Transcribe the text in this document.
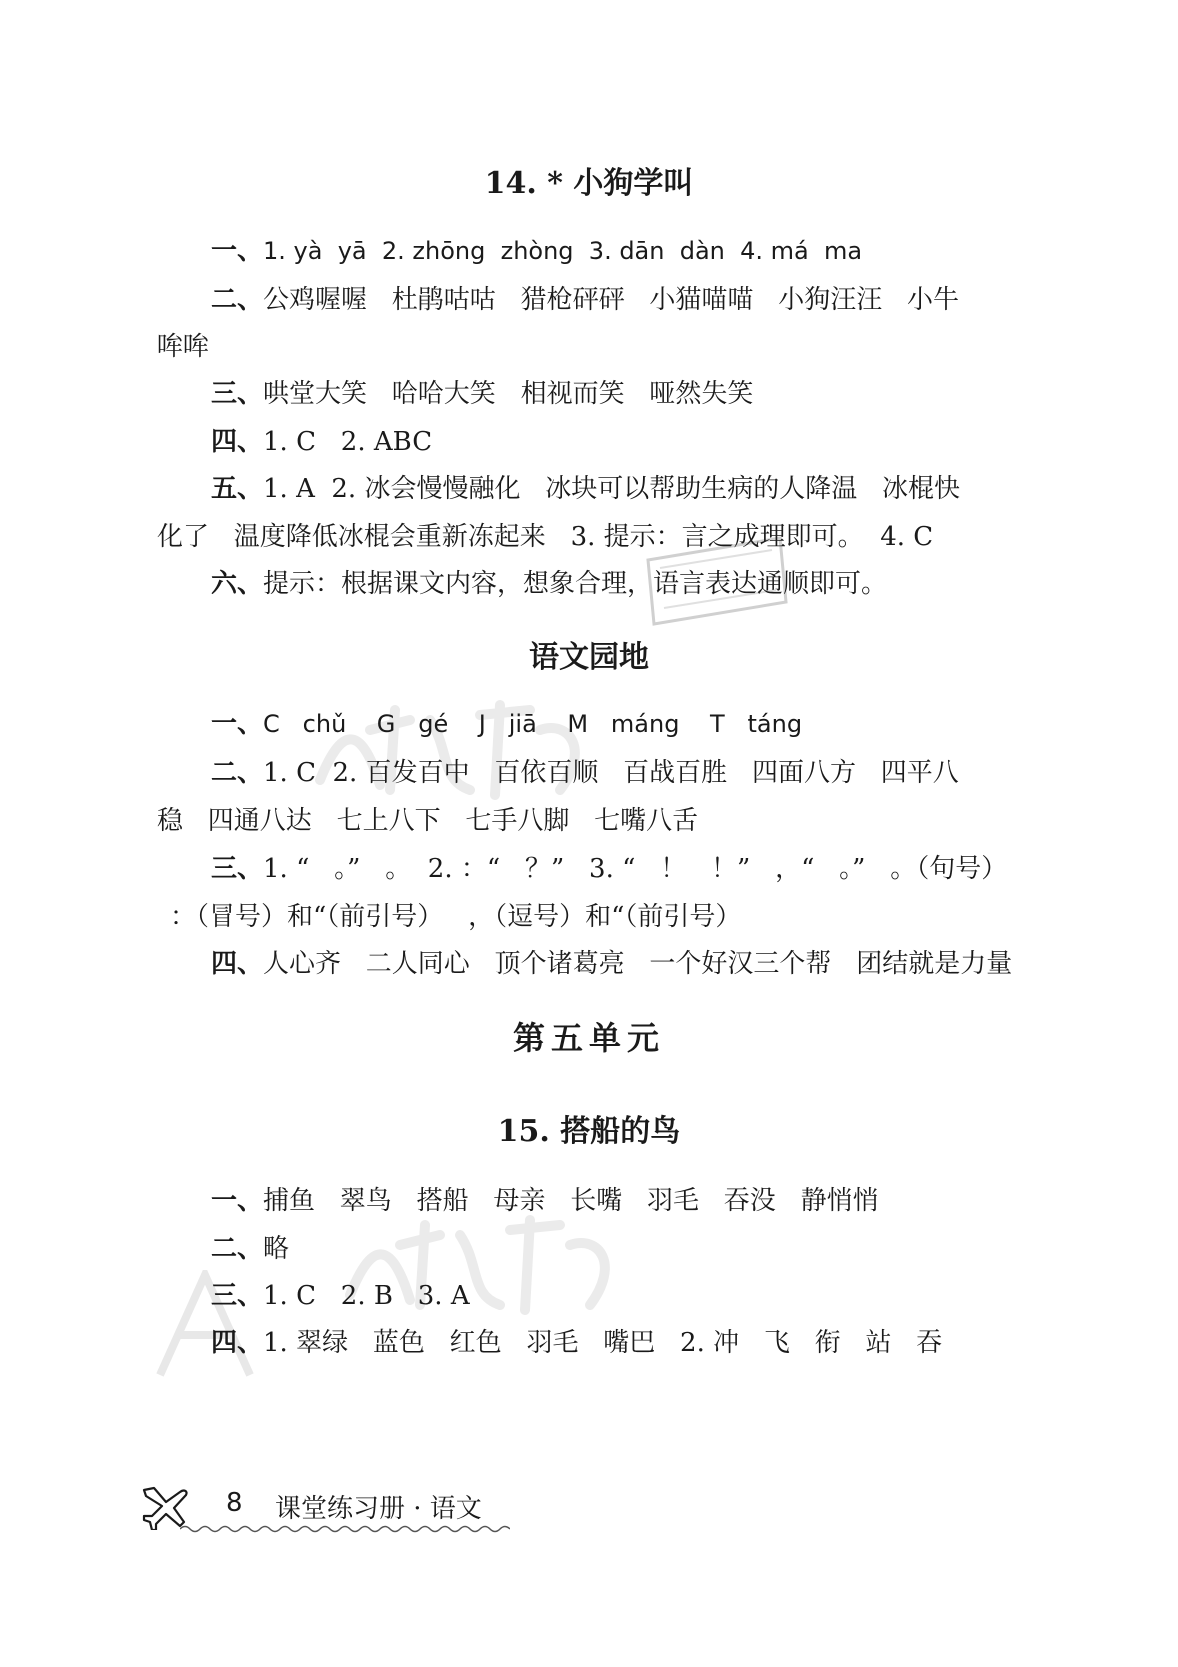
14. * 小狗学叫
一、1. yà  yā  2. zhōng  zhòng  3. dān  dàn  4. má  ma
二、公鸡喔喔   杜鹃咕咕   猎枪砰砰   小猫喵喵   小狗汪汪   小牛
哞哞
三、哄堂大笑   哈哈大笑   相视而笑   哑然失笑
四、1. C   2. ABC
五、1. A  2. 冰会慢慢融化   冰块可以帮助生病的人降温   冰棍快
化了   温度降低冰棍会重新冻起来   3. 提示：言之成理即可。  4. C
六、提示：根据课文内容，想象合理，语言表达通顺即可。
语文园地
一、C   chǔ    G   gé    J   jiā    M   máng    T   táng
二、1. C  2. 百发百中   百依百顺   百战百胜   四面八方   四平八
稳   四通八达   七上八下   七手八脚   七嘴八舌
三、1. “   。”   。  2. ：“   ？”   3. “   ！   ！”   ，“   。”   。（句号）
：（冒号）和“（前引号）   ，（逗号）和“（前引号）
四、人心齐   二人同心   顶个诸葛亮   一个好汉三个帮   团结就是力量
第五单元
15. 搭船的鸟
一、捕鱼   翠鸟   搭船   母亲   长嘴   羽毛   吞没   静悄悄
二、略
三、1. C   2. B   3. A
四、1. 翠绿   蓝色   红色   羽毛   嘴巴   2. 冲   飞   衔   站   吞
8 课堂练习册 · 语文
